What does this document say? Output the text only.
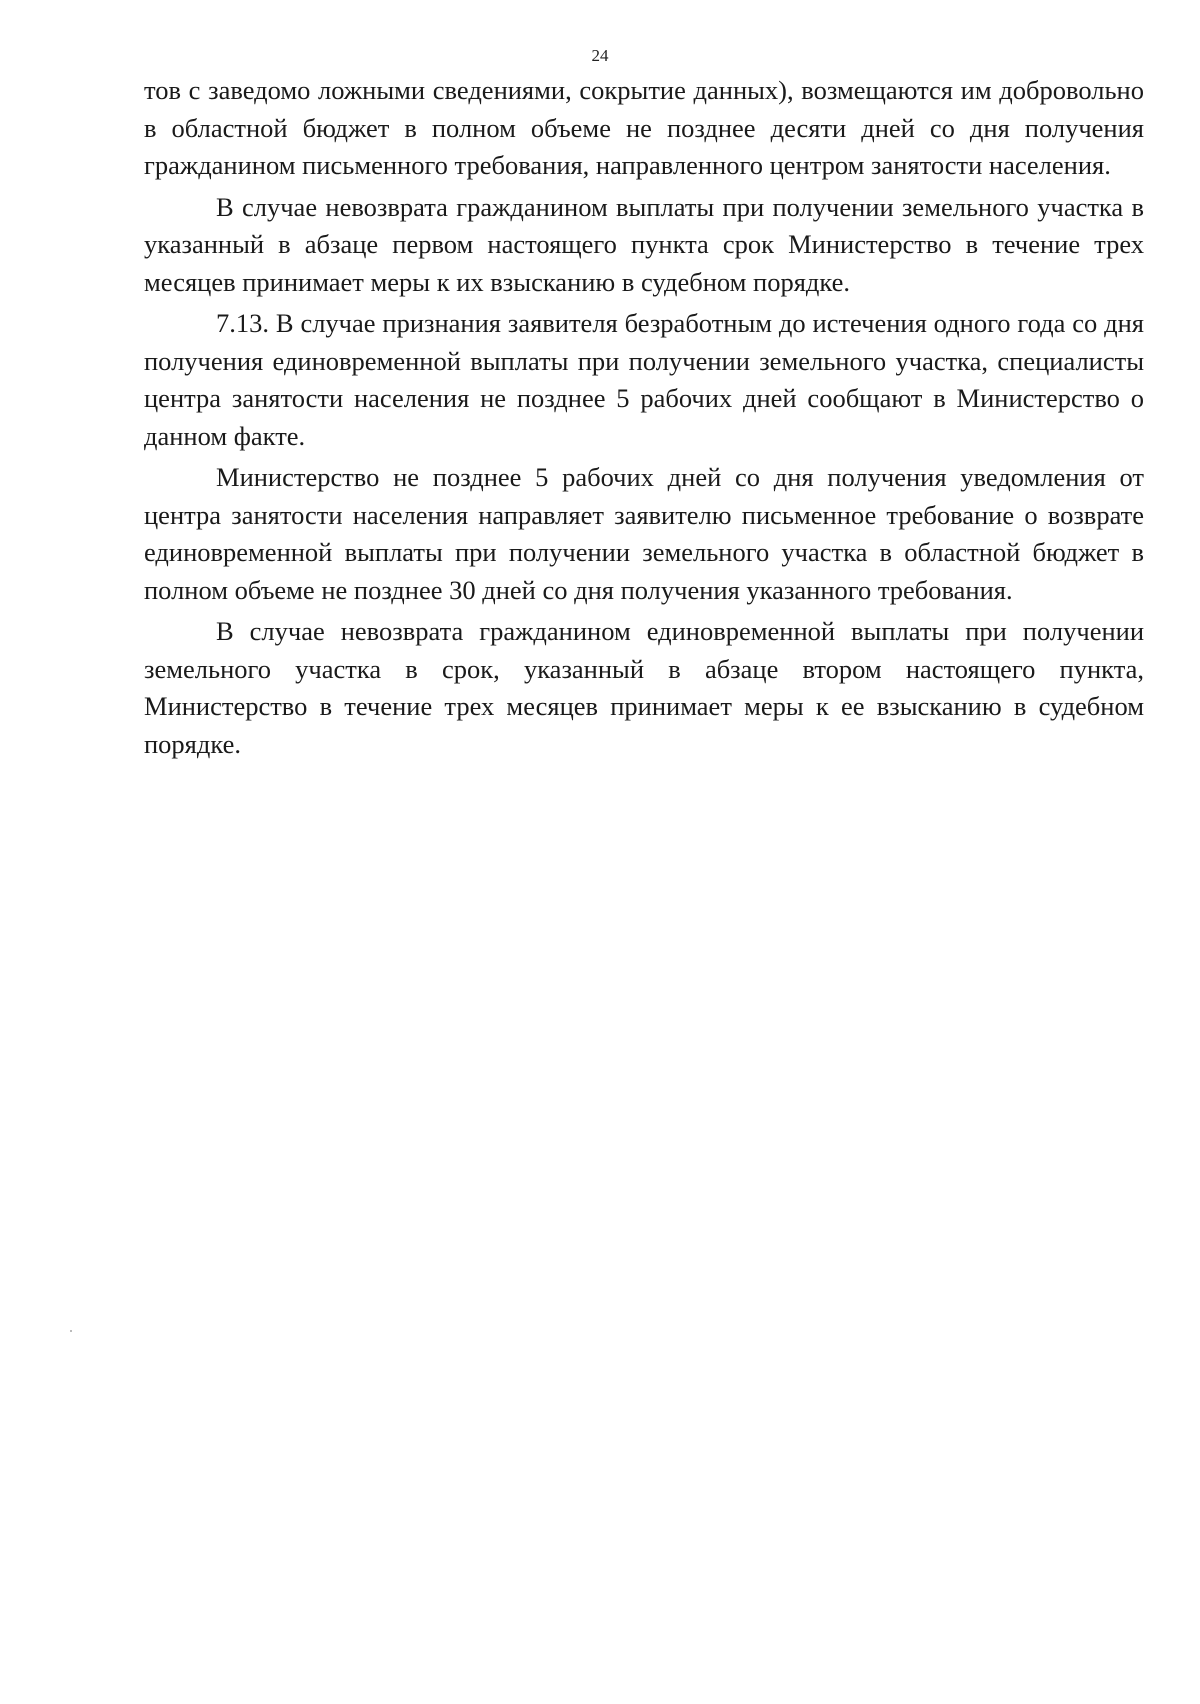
24

тов с заведомо ложными сведениями, сокрытие данных), возмещаются им добровольно в областной бюджет в полном объеме не позднее десяти дней со дня получения гражданином письменного требования, направленного центром занятости населения.

В случае невозврата гражданином выплаты при получении земельного участка в указанный в абзаце первом настоящего пункта срок Министерство в течение трех месяцев принимает меры к их взысканию в судебном порядке.

7.13. В случае признания заявителя безработным до истечения одного года со дня получения единовременной выплаты при получении земельного участка, специалисты центра занятости населения не позднее 5 рабочих дней сообщают в Министерство о данном факте.

Министерство не позднее 5 рабочих дней со дня получения уведомления от центра занятости населения направляет заявителю письменное требование о возврате единовременной выплаты при получении земельного участка в областной бюджет в полном объеме не позднее 30 дней со дня получения указанного требования.

В случае невозврата гражданином единовременной выплаты при получении земельного участка в срок, указанный в абзаце втором настоящего пункта, Министерство в течение трех месяцев принимает меры к ее взысканию в судебном порядке.
